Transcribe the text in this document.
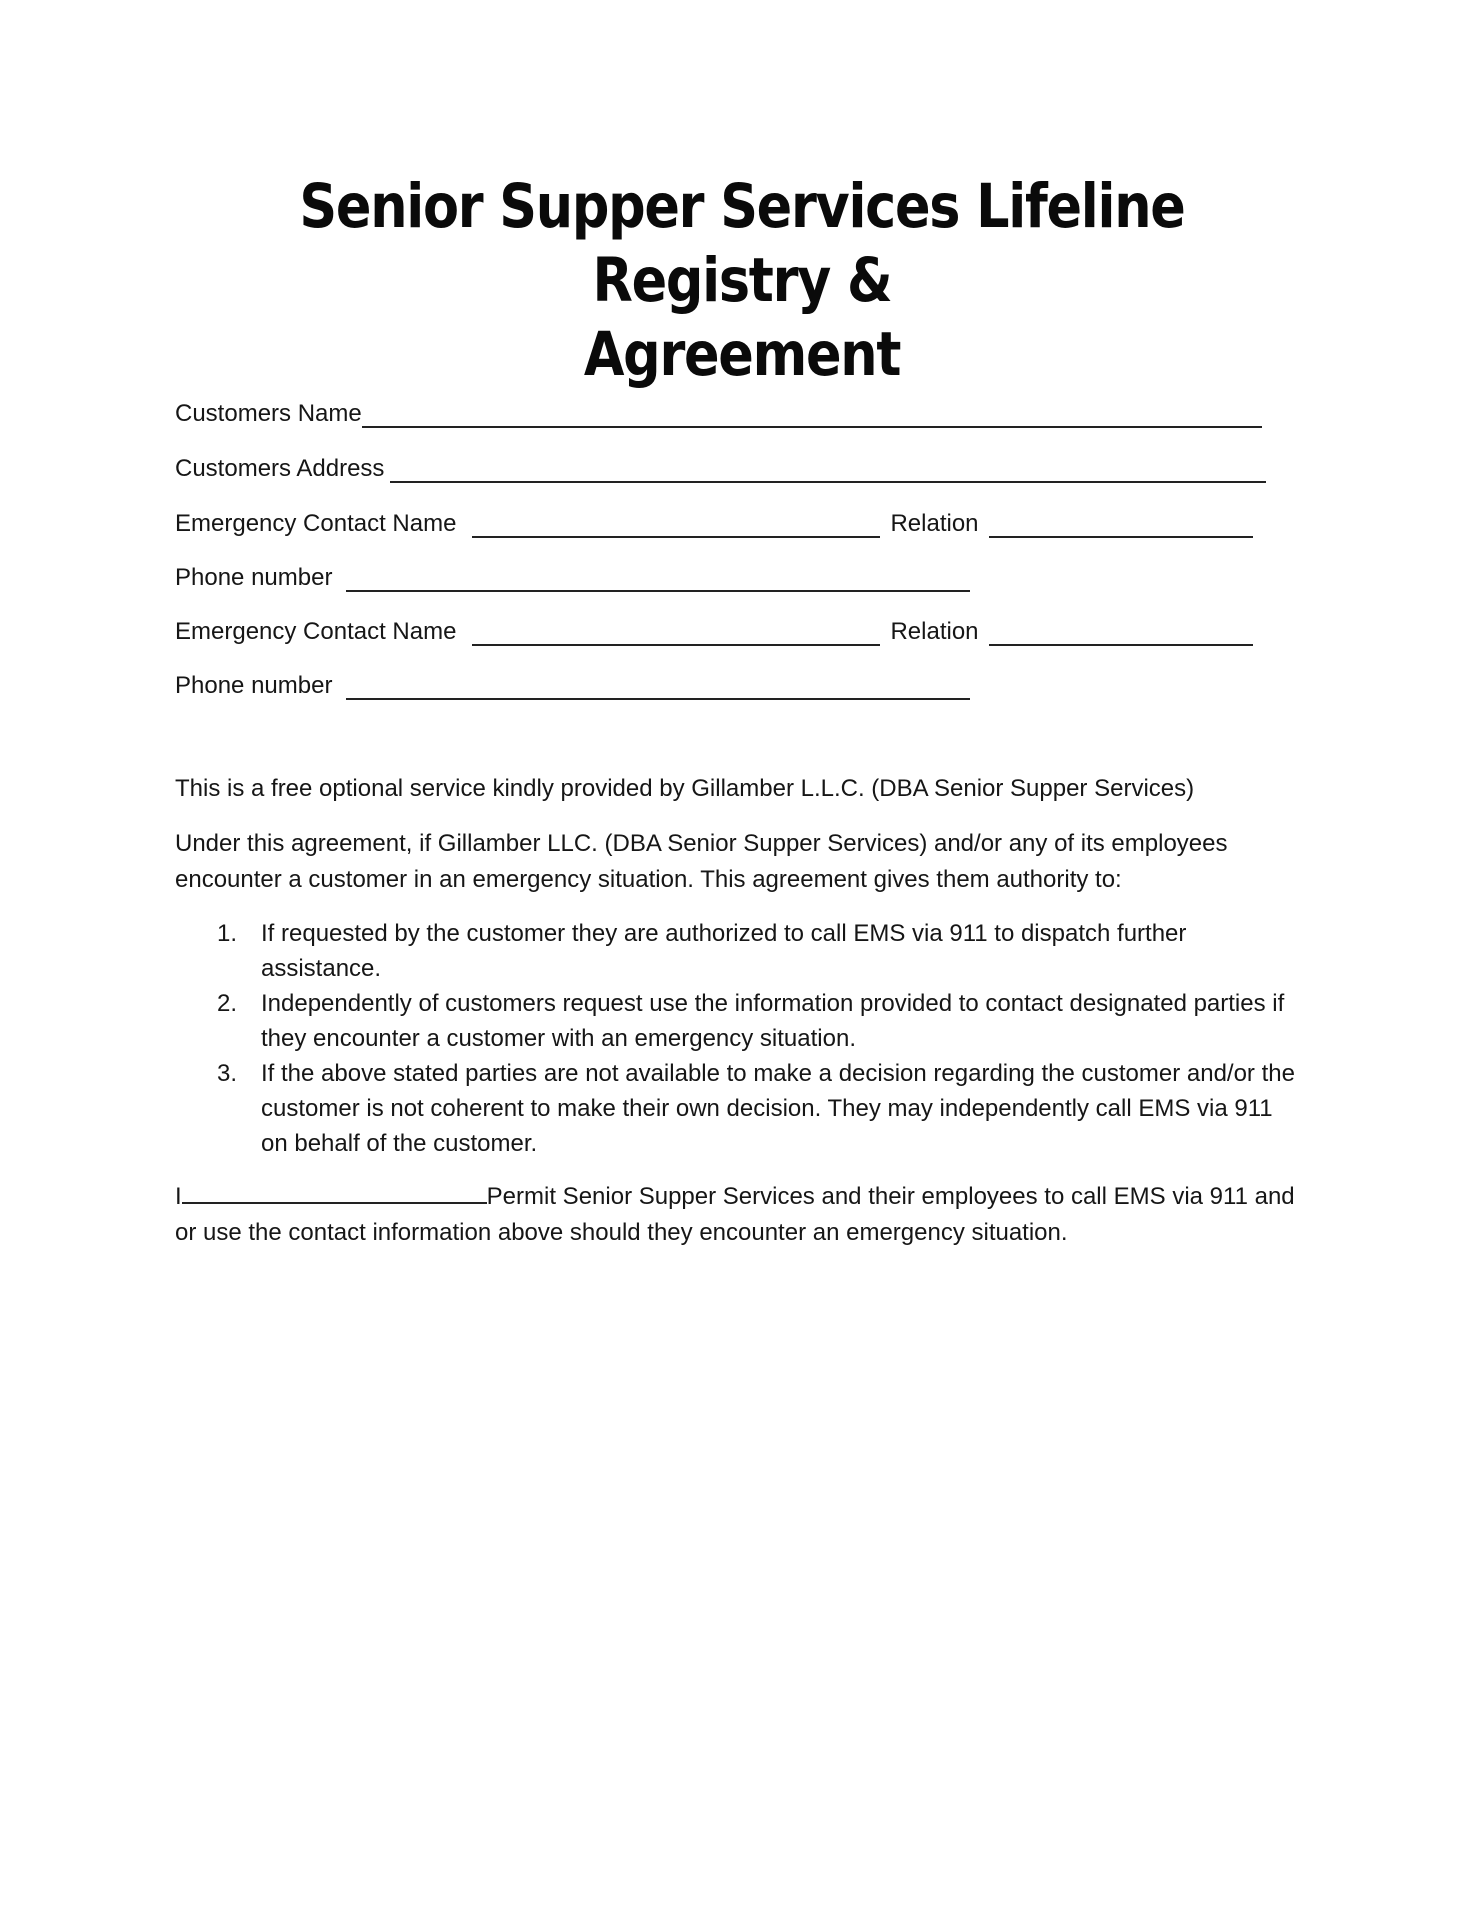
Senior Supper Services Lifeline Registry &
Agreement
Customers Name
Customers Address
Emergency Contact Name	Relation
Phone number
Emergency Contact Name	Relation
Phone number

This is a free optional service kindly provided by Gillamber L.L.C. (DBA Senior Supper Services)

Under this agreement, if Gillamber LLC. (DBA Senior Supper Services) and/or any of its employees encounter a customer in an emergency situation. This agreement gives them authority to:

1. If requested by the customer they are authorized to call EMS via 911 to dispatch further assistance.
2. Independently of customers request use the information provided to contact designated parties if they encounter a customer with an emergency situation.
3. If the above stated parties are not available to make a decision regarding the customer and/or the customer is not coherent to make their own decision. They may independently call EMS via 911 on behalf of the customer.

I	Permit Senior Supper Services and their employees to call EMS via 911 and or use the contact information above should they encounter an emergency situation.
